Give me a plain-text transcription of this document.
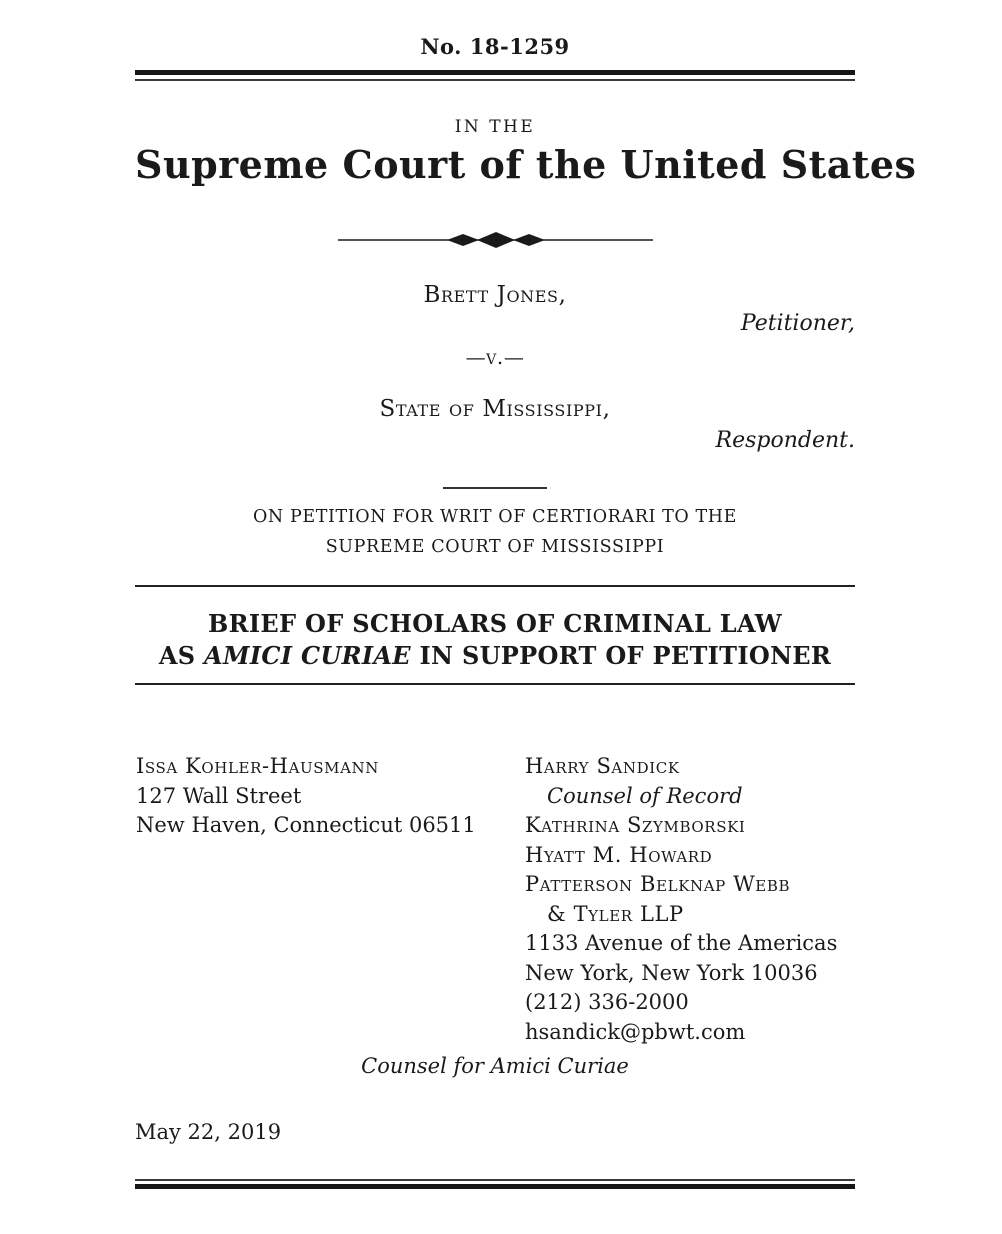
No. 18-1259
IN THE
Supreme Court of the United States
Brett Jones,
Petitioner,
—v.—
State of Mississippi,
Respondent.
ON PETITION FOR WRIT OF CERTIORARI TO THE
SUPREME COURT OF MISSISSIPPI
BRIEF OF SCHOLARS OF CRIMINAL LAW
AS AMICI CURIAE IN SUPPORT OF PETITIONER
Issa Kohler-Hausmann
127 Wall Street
New Haven, Connecticut 06511
Harry Sandick
Counsel of Record
Kathrina Szymborski
Hyatt M. Howard
Patterson Belknap Webb
& Tyler LLP
1133 Avenue of the Americas
New York, New York 10036
(212) 336-2000
hsandick@pbwt.com
Counsel for Amici Curiae
May 22, 2019
